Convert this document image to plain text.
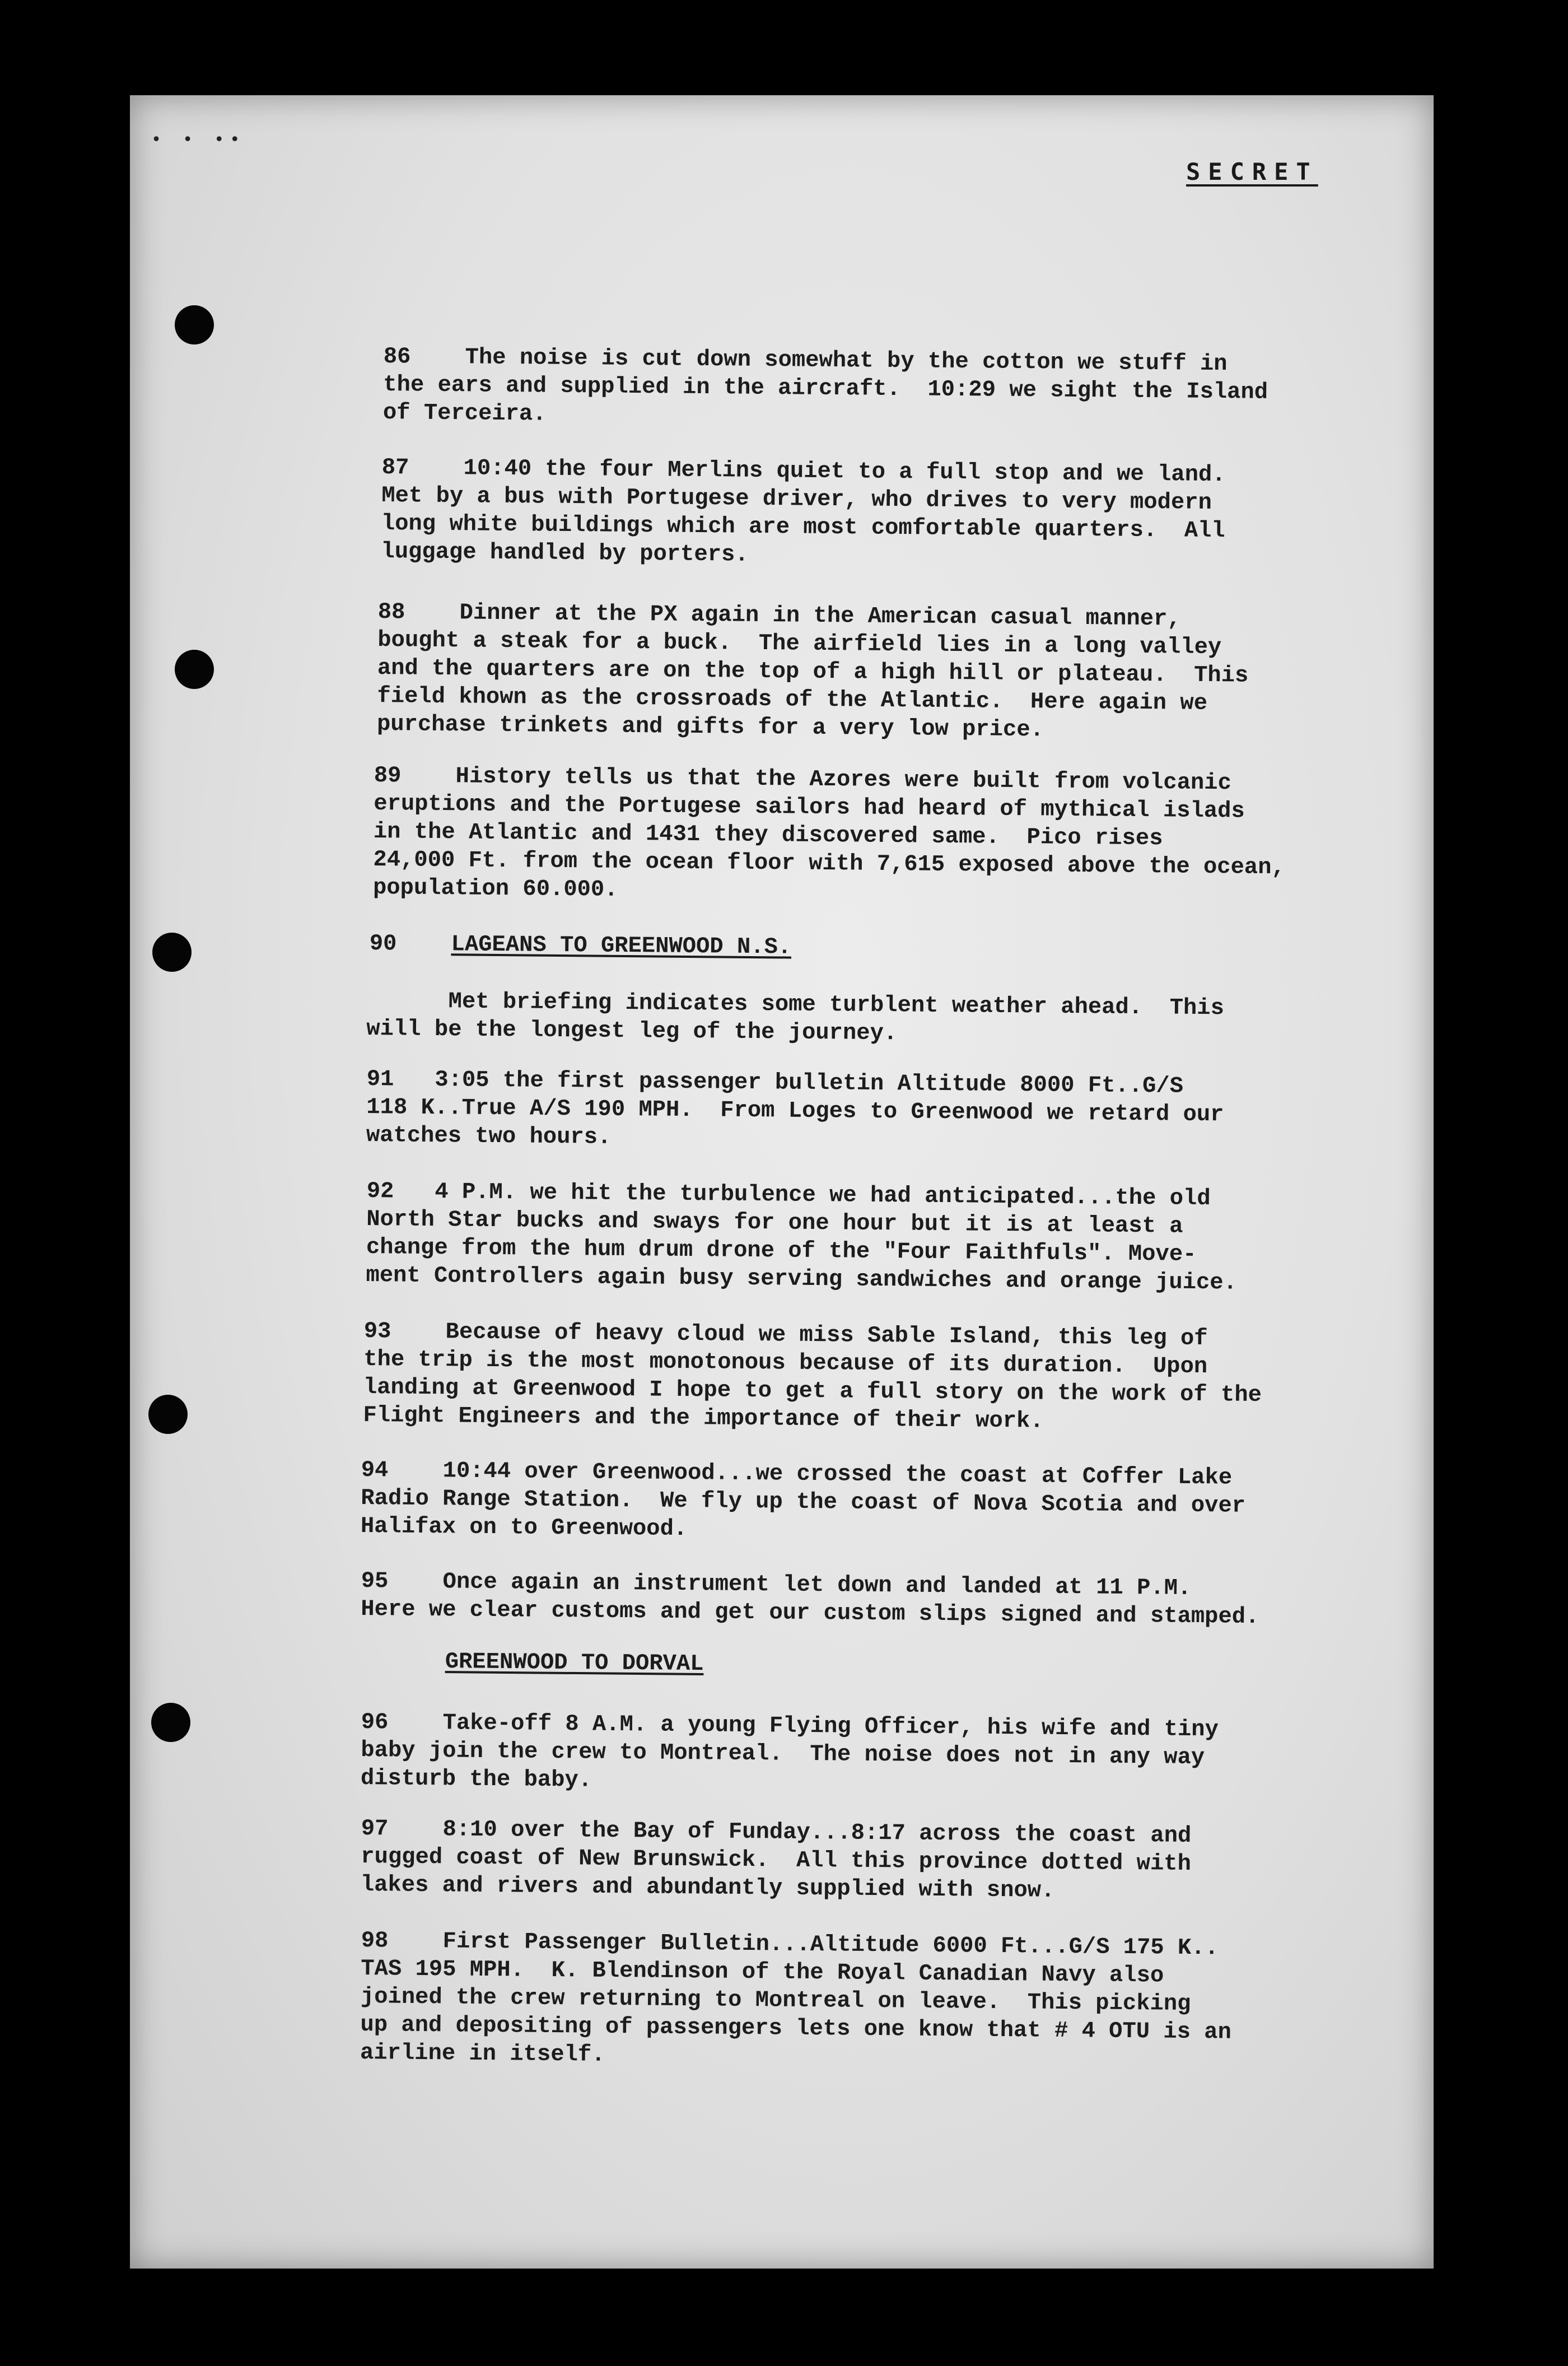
• • ••
SECRET
86 The noise is cut down somewhat by the cotton we stuff in
the ears and supplied in the aircraft.  10:29 we sight the Island
of Terceira.
87 10:40 the four Merlins quiet to a full stop and we land.
Met by a bus with Portugese driver, who drives to very modern
long white buildings which are most comfortable quarters.  All
luggage handled by porters.
88 Dinner at the PX again in the American casual manner,
bought a steak for a buck.  The airfield lies in a long valley
and the quarters are on the top of a high hill or plateau.  This
field khown as the crossroads of the Atlantic.  Here again we
purchase trinkets and gifts for a very low price.
89 History tells us that the Azores were built from volcanic
eruptions and the Portugese sailors had heard of mythical islads
in the Atlantic and 1431 they discovered same.  Pico rises
24,000 Ft. from the ocean floor with 7,615 exposed above the ocean,
population 60.000.
90 LAGEANS TO GREENWOOD N.S.
Met briefing indicates some turblent weather ahead.  This
will be the longest leg of the journey.
91 3:05 the first passenger bulletin Altitude 8000 Ft..G/S
118 K..True A/S 190 MPH.  From Loges to Greenwood we retard our
watches two hours.
92 4 P.M. we hit the turbulence we had anticipated...the old
North Star bucks and sways for one hour but it is at least a
change from the hum drum drone of the "Four Faithfuls". Move-
ment Controllers again busy serving sandwiches and orange juice.
93 Because of heavy cloud we miss Sable Island, this leg of
the trip is the most monotonous because of its duration.  Upon
landing at Greenwood I hope to get a full story on the work of the
Flight Engineers and the importance of their work.
94 10:44 over Greenwood...we crossed the coast at Coffer Lake
Radio Range Station.  We fly up the coast of Nova Scotia and over
Halifax on to Greenwood.
95 Once again an instrument let down and landed at 11 P.M.
Here we clear customs and get our custom slips signed and stamped.
GREENWOOD TO DORVAL
96 Take-off 8 A.M. a young Flying Officer, his wife and tiny
baby join the crew to Montreal.  The noise does not in any way
disturb the baby.
97 8:10 over the Bay of Funday...8:17 across the coast and
rugged coast of New Brunswick.  All this province dotted with
lakes and rivers and abundantly supplied with snow.
98 First Passenger Bulletin...Altitude 6000 Ft...G/S 175 K..
TAS 195 MPH.  K. Blendinson of the Royal Canadian Navy also
joined the crew returning to Montreal on leave.  This picking
up and depositing of passengers lets one know that # 4 OTU is an
airline in itself.
